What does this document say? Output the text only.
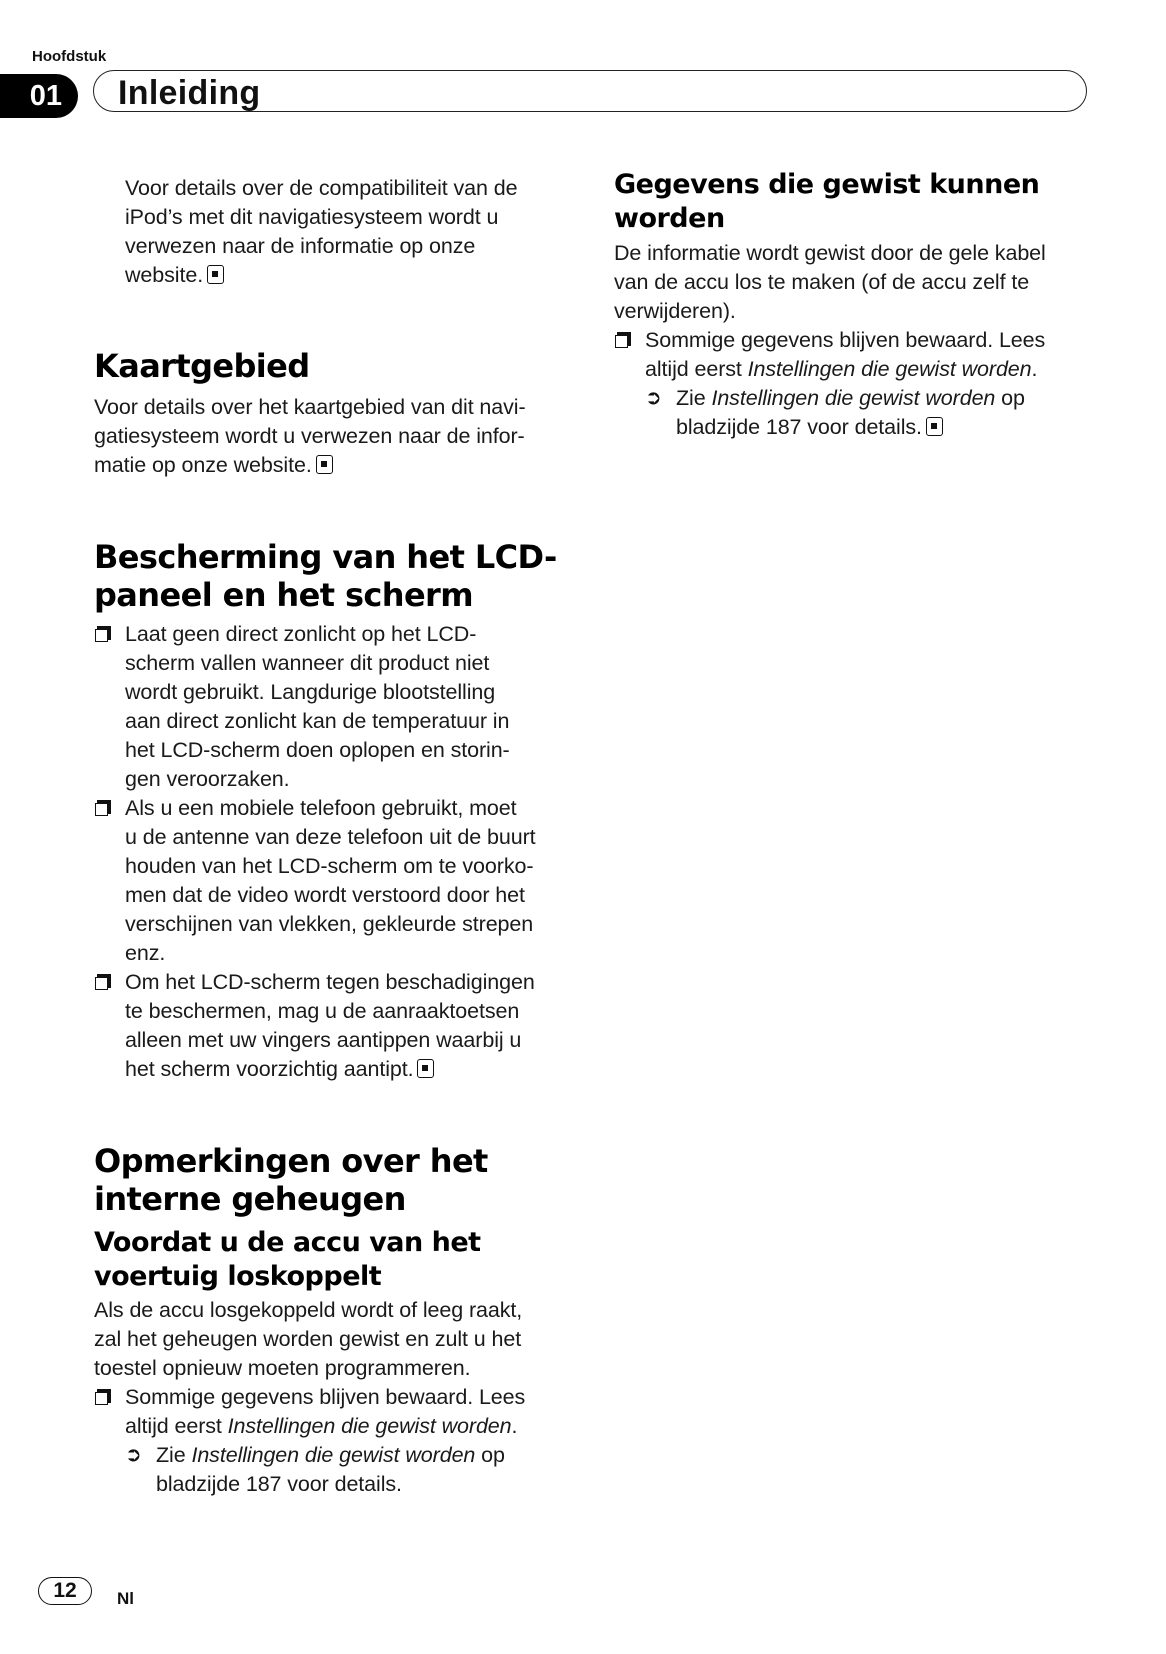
Hoofdstuk
01	Inleiding

Voor details over de compatibiliteit van de
iPod’s met dit navigatiesysteem wordt u
verwezen naar de informatie op onze
website.

Kaartgebied

Voor details over het kaartgebied van dit navi-
gatiesysteem wordt u verwezen naar de infor-
matie op onze website.

Bescherming van het LCD-
paneel en het scherm

Laat geen direct zonlicht op het LCD-
scherm vallen wanneer dit product niet
wordt gebruikt. Langdurige blootstelling
aan direct zonlicht kan de temperatuur in
het LCD-scherm doen oplopen en storin-
gen veroorzaken.

Als u een mobiele telefoon gebruikt, moet
u de antenne van deze telefoon uit de buurt
houden van het LCD-scherm om te voorko-
men dat de video wordt verstoord door het
verschijnen van vlekken, gekleurde strepen
enz.

Om het LCD-scherm tegen beschadigingen
te beschermen, mag u de aanraaktoetsen
alleen met uw vingers aantippen waarbij u
het scherm voorzichtig aantipt.

Opmerkingen over het
interne geheugen
Voordat u de accu van het
voertuig loskoppelt

Als de accu losgekoppeld wordt of leeg raakt,
zal het geheugen worden gewist en zult u het
toestel opnieuw moeten programmeren.

Sommige gegevens blijven bewaard. Lees
altijd eerst Instellingen die gewist worden.

➲ Zie Instellingen die gewist worden op
bladzijde 187 voor details.

Gegevens die gewist kunnen
worden

De informatie wordt gewist door de gele kabel
van de accu los te maken (of de accu zelf te
verwijderen).

Sommige gegevens blijven bewaard. Lees
altijd eerst Instellingen die gewist worden.

➲ Zie Instellingen die gewist worden op
bladzijde 187 voor details.

12	Nl
